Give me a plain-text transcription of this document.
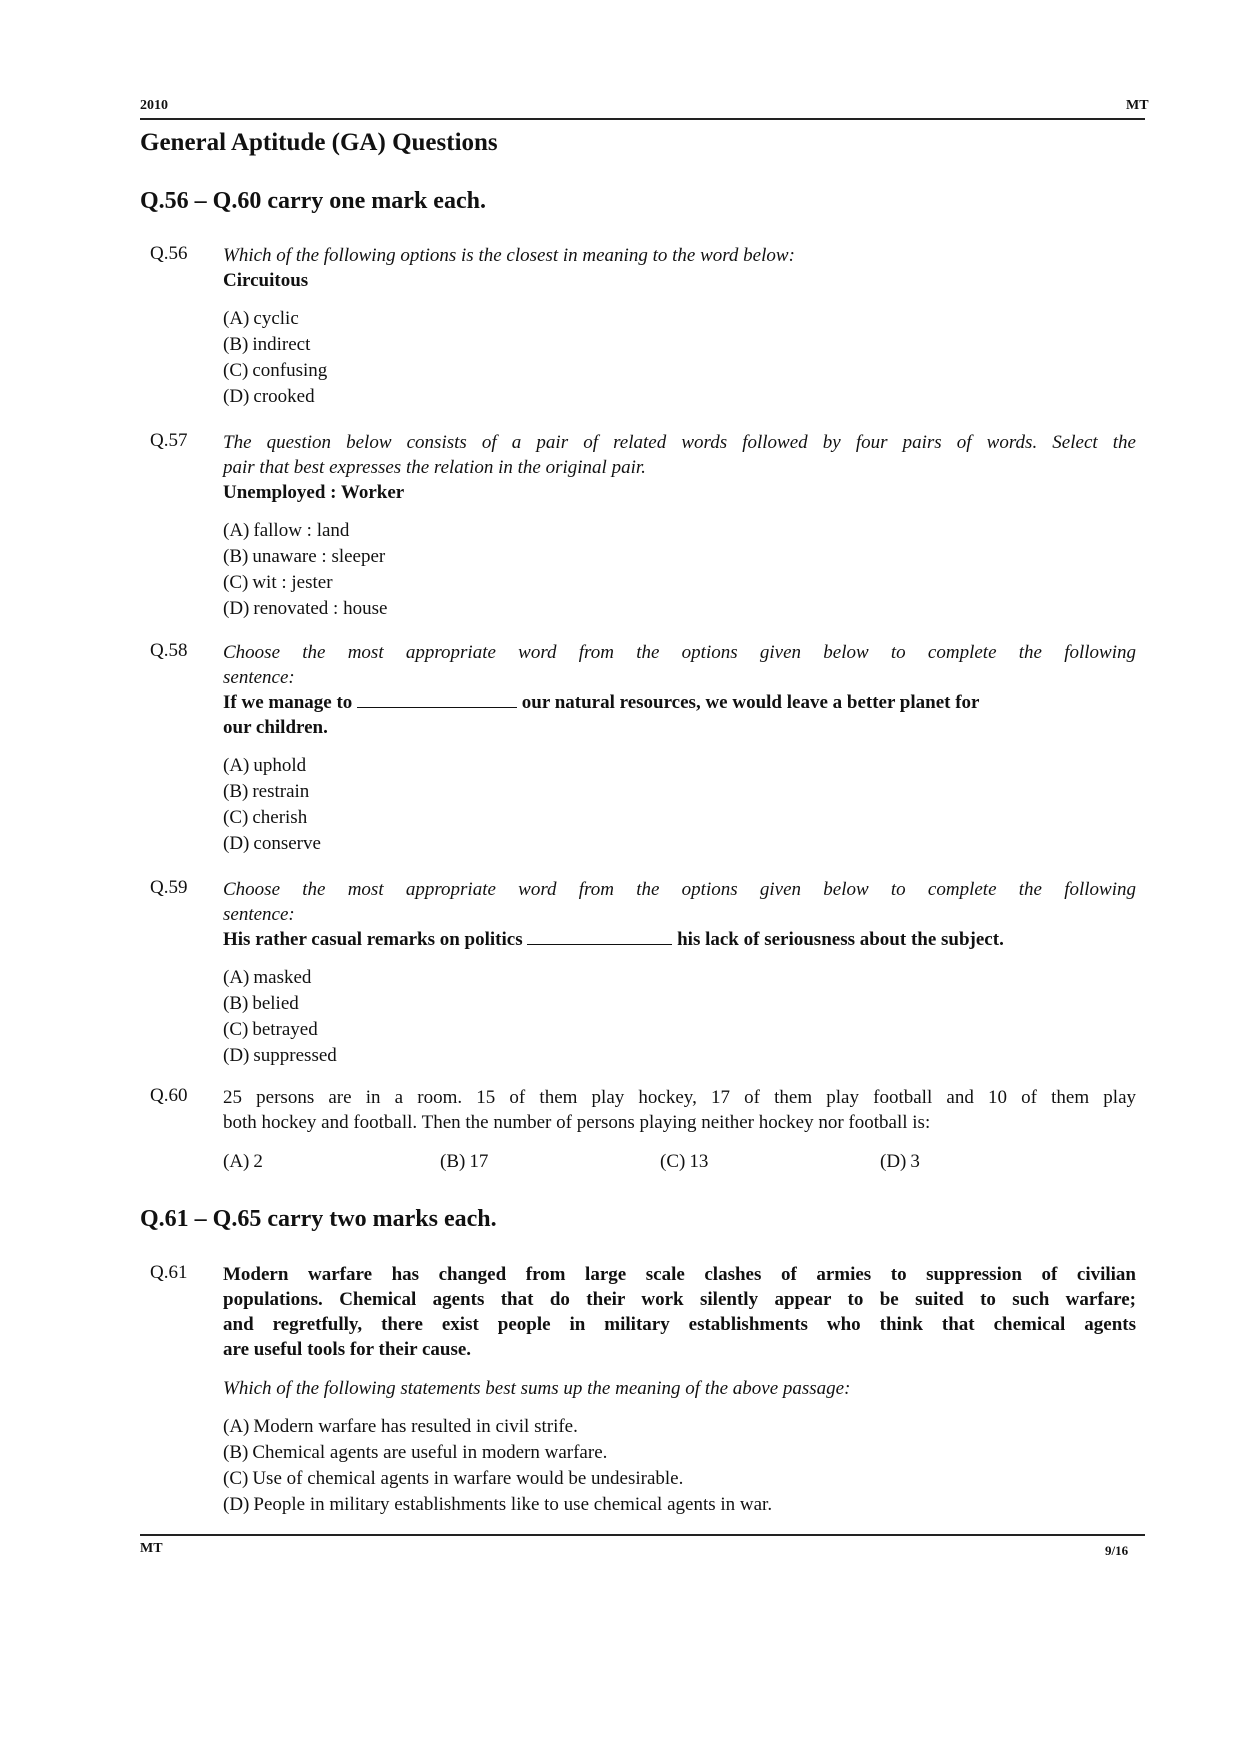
2010	MT
General Aptitude (GA) Questions
Q.56 – Q.60 carry one mark each.
Q.56 Which of the following options is the closest in meaning to the word below:
Circuitous
(A) cyclic
(B) indirect
(C) confusing
(D) crooked
Q.57 The question below consists of a pair of related words followed by four pairs of words. Select the
pair that best expresses the relation in the original pair.
Unemployed : Worker
(A) fallow : land
(B) unaware : sleeper
(C) wit : jester
(D) renovated : house
Q.58 Choose the most appropriate word from the options given below to complete the following
sentence:
If we manage to	our natural resources, we would leave a better planet for
our children.
(A) uphold
(B) restrain
(C) cherish
(D) conserve
Q.59 Choose the most appropriate word from the options given below to complete the following
sentence:
His rather casual remarks on politics	his lack of seriousness about the subject.
(A) masked
(B) belied
(C) betrayed
(D) suppressed
Q.60 25 persons are in a room. 15 of them play hockey, 17 of them play football and 10 of them play
both hockey and football. Then the number of persons playing neither hockey nor football is:
(A) 2	(B) 17	(C) 13	(D) 3
Q.61 – Q.65 carry two marks each.
Q.61 Modern warfare has changed from large scale clashes of armies to suppression of civilian
populations. Chemical agents that do their work silently appear to be suited to such warfare;
and regretfully, there exist people in military establishments who think that chemical agents
are useful tools for their cause.
Which of the following statements best sums up the meaning of the above passage:
(A) Modern warfare has resulted in civil strife.
(B) Chemical agents are useful in modern warfare.
(C) Use of chemical agents in warfare would be undesirable.
(D) People in military establishments like to use chemical agents in war.
MT	9/16
